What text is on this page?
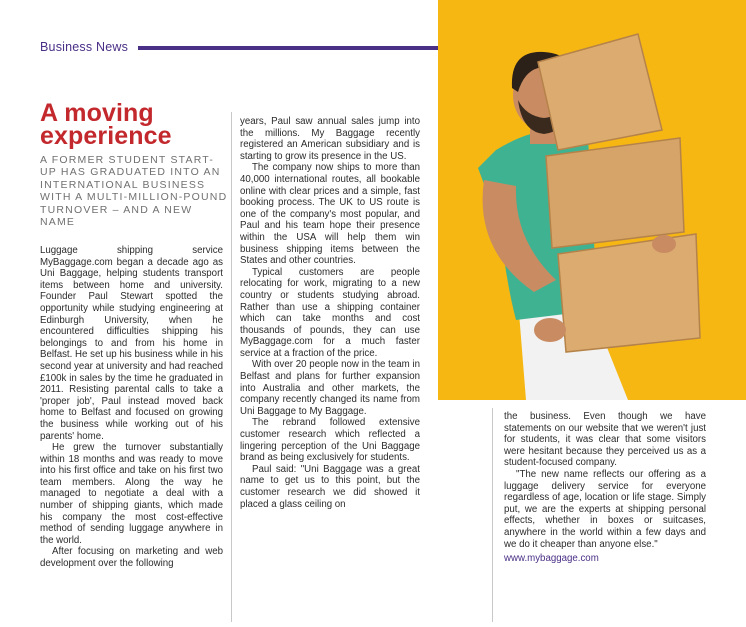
Business News
A moving experience

A FORMER STUDENT START-UP HAS GRADUATED INTO AN INTERNATIONAL BUSINESS WITH A MULTI-MILLION-POUND TURNOVER – AND A NEW NAME

Luggage shipping service MyBaggage.com began a decade ago as Uni Baggage, helping students transport items between home and university. Founder Paul Stewart spotted the opportunity while studying engineering at Edinburgh University, when he encountered difficulties shipping his belongings to and from his home in Belfast. He set up his business while in his second year at university and had reached £100k in sales by the time he graduated in 2011. Resisting parental calls to take a 'proper job', Paul instead moved back home to Belfast and focused on growing the business while working out of his parents' home.

He grew the turnover substantially within 18 months and was ready to move into his first office and take on his first two team members. Along the way he managed to negotiate a deal with a number of shipping giants, which made his company the most cost-effective method of sending luggage anywhere in the world.

After focusing on marketing and web development over the following

years, Paul saw annual sales jump into the millions. My Baggage recently registered an American subsidiary and is starting to grow its presence in the US.

The company now ships to more than 40,000 international routes, all bookable online with clear prices and a simple, fast booking process. The UK to US route is one of the company's most popular, and Paul and his team hope their presence within the USA will help them win business shipping items between the States and other countries.

Typical customers are people relocating for work, migrating to a new country or students studying abroad. Rather than use a shipping container which can take months and cost thousands of pounds, they can use MyBaggage.com for a much faster service at a fraction of the price.

With over 20 people now in the team in Belfast and plans for further expansion into Australia and other markets, the company recently changed its name from Uni Baggage to My Baggage.

The rebrand followed extensive customer research which reflected a lingering perception of the Uni Baggage brand as being exclusively for students.

Paul said: "Uni Baggage was a great name to get us to this point, but the customer research we did showed it placed a glass ceiling on

the business. Even though we have statements on our website that we weren't just for students, it was clear that some visitors were hesitant because they perceived us as a student-focused company.

"The new name reflects our offering as a luggage delivery service for everyone regardless of age, location or life stage. Simply put, we are the experts at shipping personal effects, whether in boxes or suitcases, anywhere in the world within a few days and we do it cheaper than anyone else."

www.mybaggage.com
